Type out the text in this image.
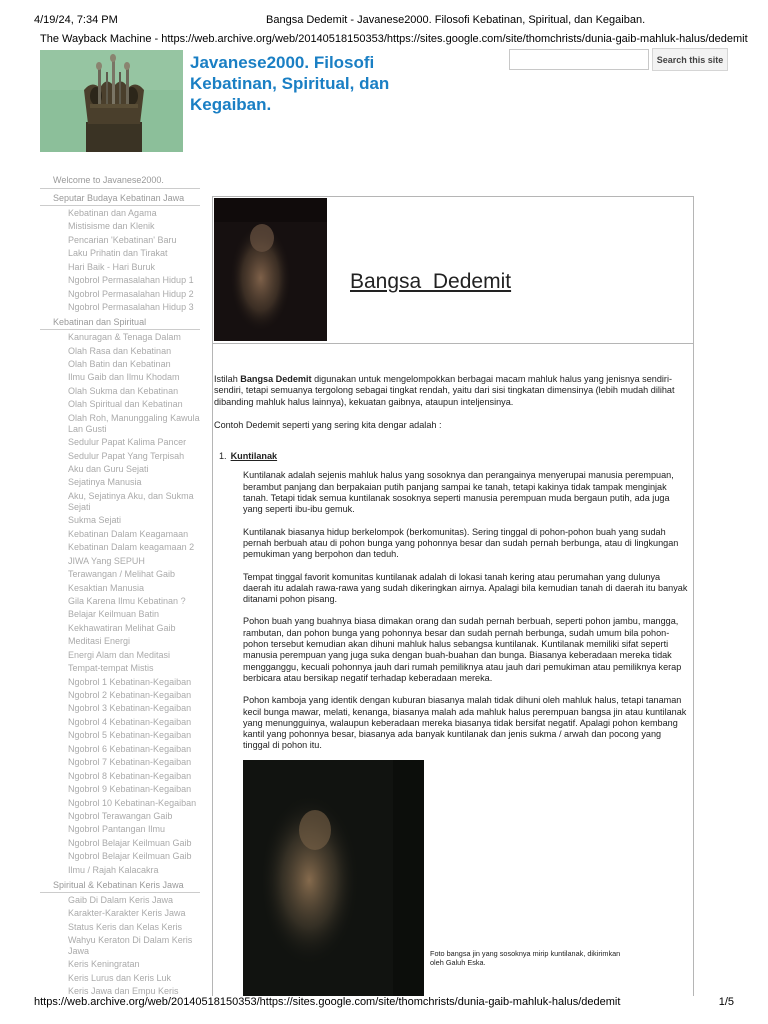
4/19/24, 7:34 PM	Bangsa Dedemit - Javanese2000. Filosofi Kebatinan, Spiritual, dan Kegaiban.
The Wayback Machine - https://web.archive.org/web/20140518150353/https://sites.google.com/site/thomchrists/dunia-gaib-mahluk-halus/dedemit
Javanese2000. Filosofi Kebatinan, Spiritual, dan Kegaiban.
Search this site
Welcome to Javanese2000.
Seputar Budaya Kebatinan Jawa
Kebatinan dan Agama
Mistisisme dan Klenik
Pencarian 'Kebatinan' Baru
Laku Prihatin dan Tirakat
Hari Baik - Hari Buruk
Ngobrol Permasalahan Hidup 1
Ngobrol Permasalahan Hidup 2
Ngobrol Permasalahan Hidup 3
Kebatinan dan Spiritual
Kanuragan & Tenaga Dalam
Olah Rasa dan Kebatinan
Olah Batin dan Kebatinan
Ilmu Gaib dan Ilmu Khodam
Olah Sukma dan Kebatinan
Olah Spiritual dan Kebatinan
Olah Roh, Manunggaling Kawula Lan Gusti
Sedulur Papat Kalima Pancer
Sedulur Papat Yang Terpisah
Aku dan Guru Sejati
Sejatinya Manusia
Aku, Sejatinya Aku, dan Sukma Sejati
Sukma Sejati
Kebatinan Dalam Keagamaan
Kebatinan Dalam keagamaan 2
JIWA Yang SEPUH
Terawangan / Melihat Gaib
Kesaktian Manusia
Gila Karena Ilmu Kebatinan ?
Belajar Keilmuan Batin
Kekhawatiran Melihat Gaib
Meditasi Energi
Energi Alam dan Meditasi
Tempat-tempat Mistis
Ngobrol 1 Kebatinan-Kegaiban
Ngobrol 2 Kebatinan-Kegaiban
Ngobrol 3 Kebatinan-Kegaiban
Ngobrol 4 Kebatinan-Kegaiban
Ngobrol 5 Kebatinan-Kegaiban
Ngobrol 6 Kebatinan-Kegaiban
Ngobrol 7 Kebatinan-Kegaiban
Ngobrol 8 Kebatinan-Kegaiban
Ngobrol 9 Kebatinan-Kegaiban
Ngobrol 10 Kebatinan-Kegaiban
Ngobrol Terawangan Gaib
Ngobrol Pantangan Ilmu
Ngobrol Belajar Keilmuan Gaib
Ngobrol Belajar Keilmuan Gaib
Ilmu / Rajah Kalacakra
Spiritual & Kebatinan Keris Jawa
Gaib Di Dalam Keris Jawa
Karakter-Karakter Keris Jawa
Status Keris dan Kelas Keris
Wahyu Keraton Di Dalam Keris Jawa
Keris Keningratan
Keris Lurus dan Keris Luk
Keris Jawa dan Empu Keris
Bangsa  Dedemit

Istilah Bangsa Dedemit digunakan untuk mengelompokkan berbagai macam mahluk halus yang jenisnya sendiri-sendiri, tetapi semuanya tergolong sebagai tingkat rendah, yaitu dari sisi tingkatan dimensinya (lebih mudah dilihat dibanding mahluk halus lainnya), kekuatan gaibnya, ataupun inteljensinya.

Contoh Dedemit seperti yang sering kita dengar adalah :

1. Kuntilanak

Kuntilanak adalah sejenis mahluk halus yang sosoknya dan perangainya menyerupai manusia perempuan, berambut panjang dan berpakaian putih panjang sampai ke tanah, tetapi kakinya tidak tampak menginjak tanah. Tetapi tidak semua kuntilanak sosoknya seperti manusia perempuan muda bergaun putih, ada juga yang seperti ibu-ibu gemuk.

Kuntilanak biasanya hidup berkelompok (berkomunitas). Sering tinggal di pohon-pohon buah yang sudah pernah berbuah atau di pohon bunga yang pohonnya besar dan sudah pernah berbunga, atau di lingkungan pemukiman yang berpohon dan teduh.

Tempat tinggal favorit komunitas kuntilanak adalah di lokasi tanah kering atau perumahan yang dulunya daerah itu adalah rawa-rawa yang sudah dikeringkan airnya. Apalagi bila kemudian tanah di daerah itu banyak ditanami pohon pisang.

Pohon buah yang buahnya biasa dimakan orang dan sudah pernah berbuah, seperti pohon jambu, mangga, rambutan, dan pohon bunga yang pohonnya besar dan sudah pernah berbunga, sudah umum bila pohon-pohon tersebut kemudian akan dihuni mahluk halus sebangsa kuntilanak. Kuntilanak memiliki sifat seperti manusia perempuan yang juga suka dengan buah-buahan dan bunga. Biasanya keberadaan mereka tidak mengganggu, kecuali pohonnya jauh dari rumah pemiliknya atau jauh dari pemukiman atau pemiliknya kerap berbicara atau bersikap negatif terhadap keberadaan mereka.

Pohon kamboja yang identik dengan kuburan biasanya malah tidak dihuni oleh mahluk halus, tetapi tanaman kecil bunga mawar, melati, kenanga, biasanya malah ada mahluk halus perempuan bangsa jin atau kuntilanak yang menungguinya, walaupun keberadaan mereka biasanya tidak bersifat negatif. Apalagi pohon kembang kantil yang pohonnya besar, biasanya ada banyak kuntilanak dan jenis sukma / arwah dan pocong yang tinggal di pohon itu.

Foto bangsa jin yang sosoknya mirip kuntilanak, dikirimkan oleh Galuh Eska.
https://web.archive.org/web/20140518150353/https://sites.google.com/site/thomchrists/dunia-gaib-mahluk-halus/dedemit	1/5
